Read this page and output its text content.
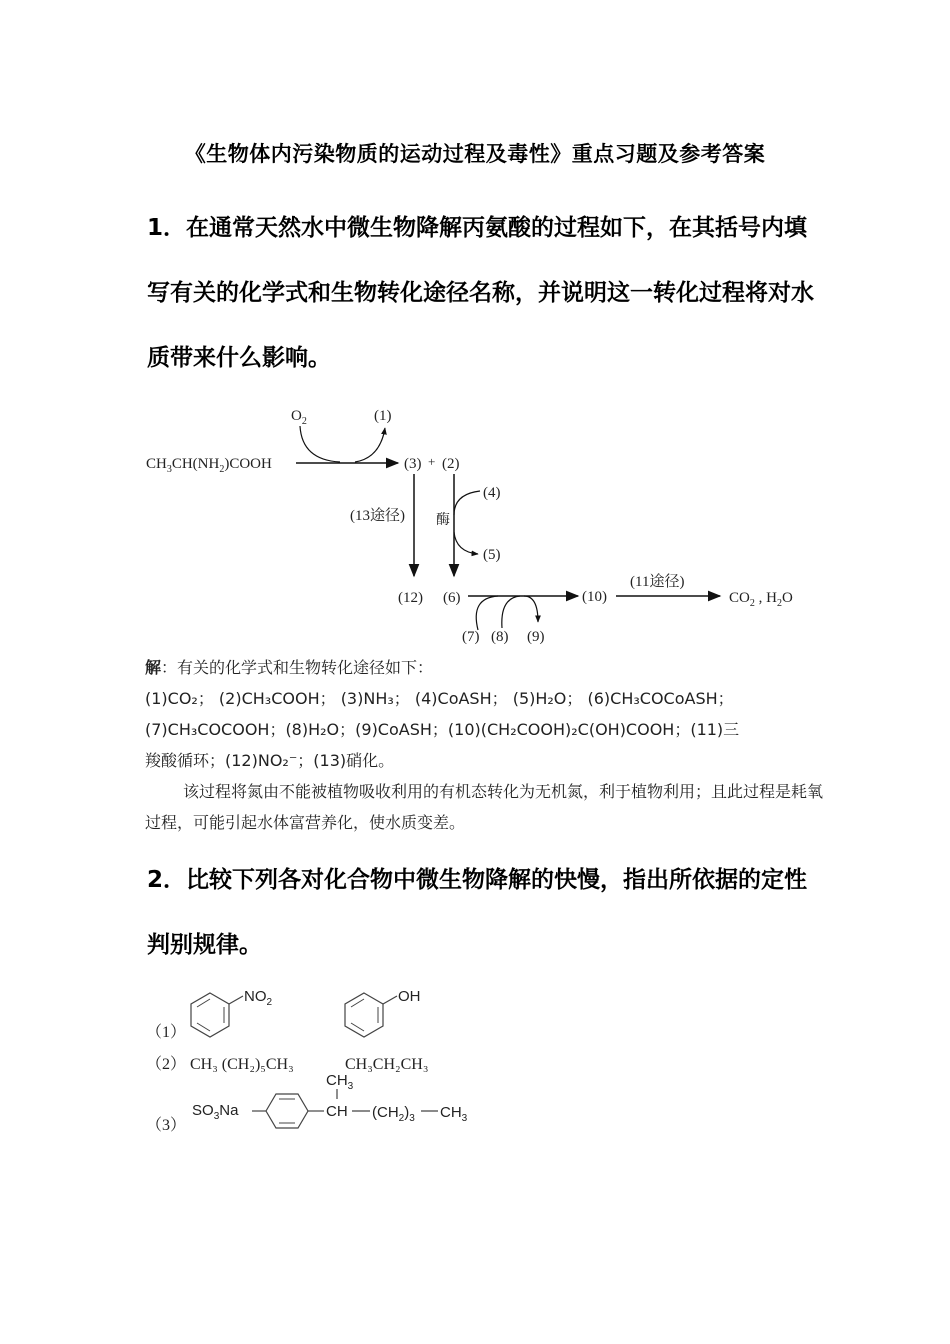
《生物体内污染物质的运动过程及毒性》重点习题及参考答案
1．在通常天然水中微生物降解丙氨酸的过程如下，在其括号内填写有关的化学式和生物转化途径名称，并说明这一转化过程将对水质带来什么影响。
$CH_3CH(NH_2)COOH$
$O_2$	(1)
(3) + (2)
(13途径)
(12)
酶
(4)
(5)
(6)
(7) (8) (9)
(10)
(11途径)
$CO_2$ , $H_2O$

解：有关的化学式和生物转化途径如下：

(1)CO₂； (2)CH₃COOH； (3)NH₃； (4)CoASH； (5)H₂O； (6)CH₃COCoASH；

(7)CH₃COCOOH；(8)H₂O；(9)CoASH；(10)(CH₂COOH)₂C(OH)COOH；(11)三

羧酸循环；(12)NO₂⁻；(13)硝化。

该过程将氮由不能被植物吸收利用的有机态转化为无机氮，利于植物利用；且此过程是耗氧过程，可能引起水体富营养化，使水质变差。

2．比较下列各对化合物中微生物降解的快慢，指出所依据的定性判别规律。
（1）
$NO_2$	OH
（2） CH₃ (CH₂)₅CH₃	CH₃CH₂CH₃
（3）
$SO_3Na$	CH
$CH_3$
$(CH_2)_3$ $CH_3$
